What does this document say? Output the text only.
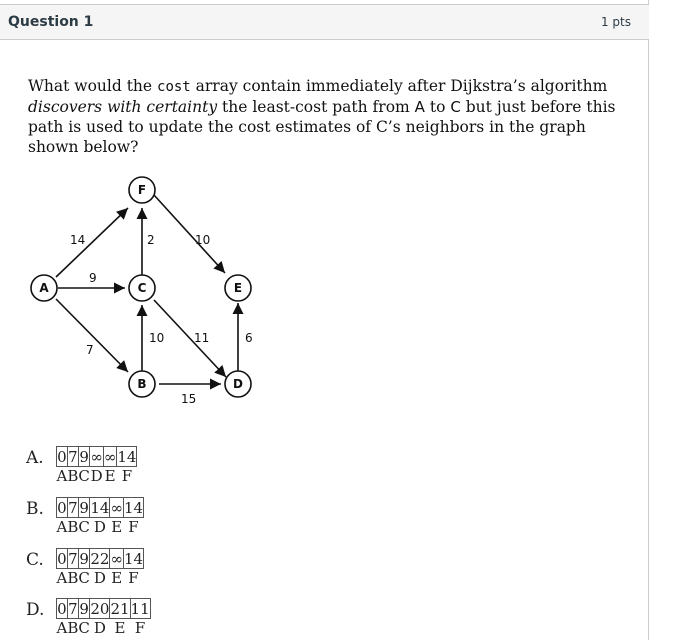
Question 1	1 pts
What would the cost array contain immediately after Dijkstra’s algorithm discovers with certainty the least-cost path from A to C but just before this path is used to update the cost estimates of C’s neighbors in the graph shown below?
14	2	10
9
7
10 11	6
15
F
A	C	E
B	D
A. 0	7	9	∞	∞	14
A	B	C	D	E	F
B. 0	7	9	14	∞	14
A	B	C	D	E	F
C. 0	7	9	22	∞	14
A	B	C	D	E	F
D. 0	7	9	20	21	11
A	B	C	D	E	F
